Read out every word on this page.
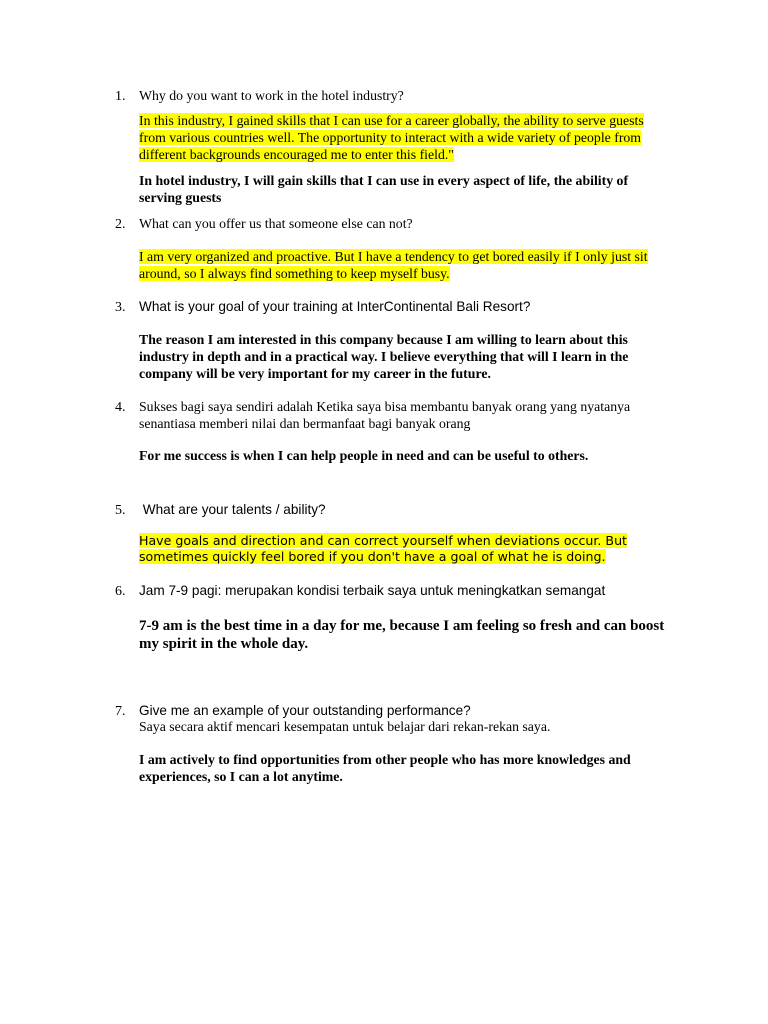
1. Why do you want to work in the hotel industry?

In this industry, I gained skills that I can use for a career globally, the ability to serve guests from various countries well. The opportunity to interact with a wide variety of people from different backgrounds encouraged me to enter this field."

In hotel industry, I will gain skills that I can use in every aspect of life, the ability of serving guests

2. What can you offer us that someone else can not?

I am very organized and proactive. But I have a tendency to get bored easily if I only just sit around, so I always find something to keep myself busy.

3. What is your goal of your training at InterContinental Bali Resort?

The reason I am interested in this company because I am willing to learn about this industry in depth and in a practical way. I believe everything that will I learn in the company will be very important for my career in the future.

4. Sukses bagi saya sendiri adalah Ketika saya bisa membantu banyak orang yang nyatanya senantiasa memberi nilai dan bermanfaat bagi banyak orang

For me success is when I can help people in need and can be useful to others.

5. What are your talents / ability?

Have goals and direction and can correct yourself when deviations occur. But sometimes quickly feel bored if you don't have a goal of what he is doing.

6. Jam 7-9 pagi: merupakan kondisi terbaik saya untuk meningkatkan semangat

7-9 am is the best time in a day for me, because I am feeling so fresh and can boost my spirit in the whole day.

7. Give me an example of your outstanding performance?

Saya secara aktif mencari kesempatan untuk belajar dari rekan-rekan saya.

I am actively to find opportunities from other people who has more knowledges and experiences, so I can a lot anytime.
